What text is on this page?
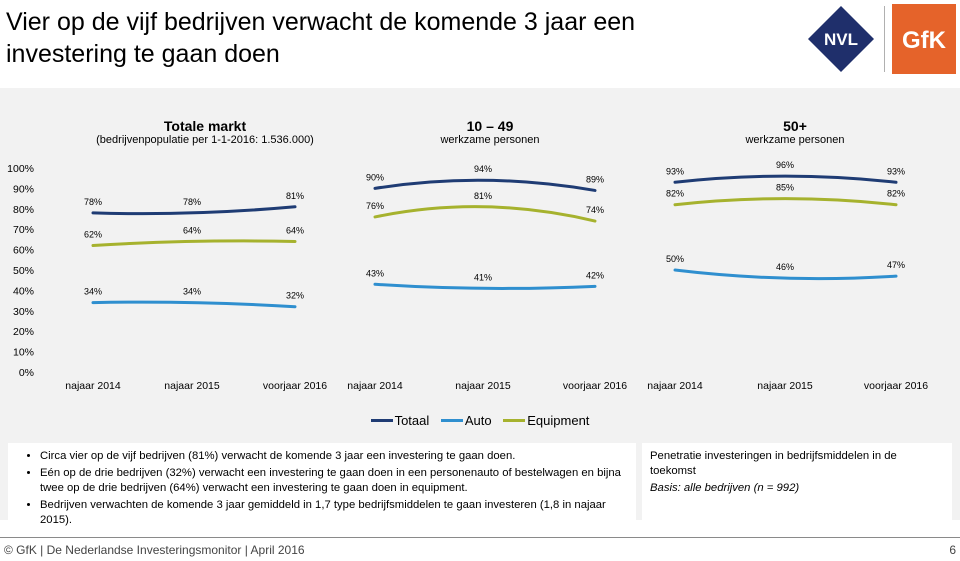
Vier op de vijf bedrijven verwacht de komende 3 jaar een investering te gaan doen
NVL GfK
Totale markt
(bedrijvenpopulatie per 1-1-2016: 1.536.000)
10 – 49
werkzame personen
50+
werkzame personen
0%
10%
20%
30%
40%
50%
60%
70%
80%
90%
100%
najaar 2014	najaar 2015	voorjaar 2016 najaar 2014	najaar 2015	voorjaar 2016 najaar 2014	najaar 2015	voorjaar 2016
78%	78%
81%
34%	34%	32%
62%	64%	64%
90%
94%
89%
43%	41%	42%
76%
81%
74%
93%
96%
93%
50%
46%	47%
82%
85%
82%
Totaal
	Auto
	Equipment
• Circa vier op de vijf bedrijven (81%) verwacht de komende 3 jaar een investering te gaan doen.
• Eén op de drie bedrijven (32%) verwacht een investering te gaan doen in een personenauto of bestelwagen en bijna twee op de drie bedrijven (64%) verwacht een investering te gaan doen in equipment.
• Bedrijven verwachten de komende 3 jaar gemiddeld in 1,7 type bedrijfsmiddelen te gaan investeren (1,8 in najaar 2015).
Penetratie investeringen in bedrijfsmiddelen in de toekomst
Basis: alle bedrijven (n = 992)
© GfK | De Nederlandse Investeringsmonitor | April 2016	6
